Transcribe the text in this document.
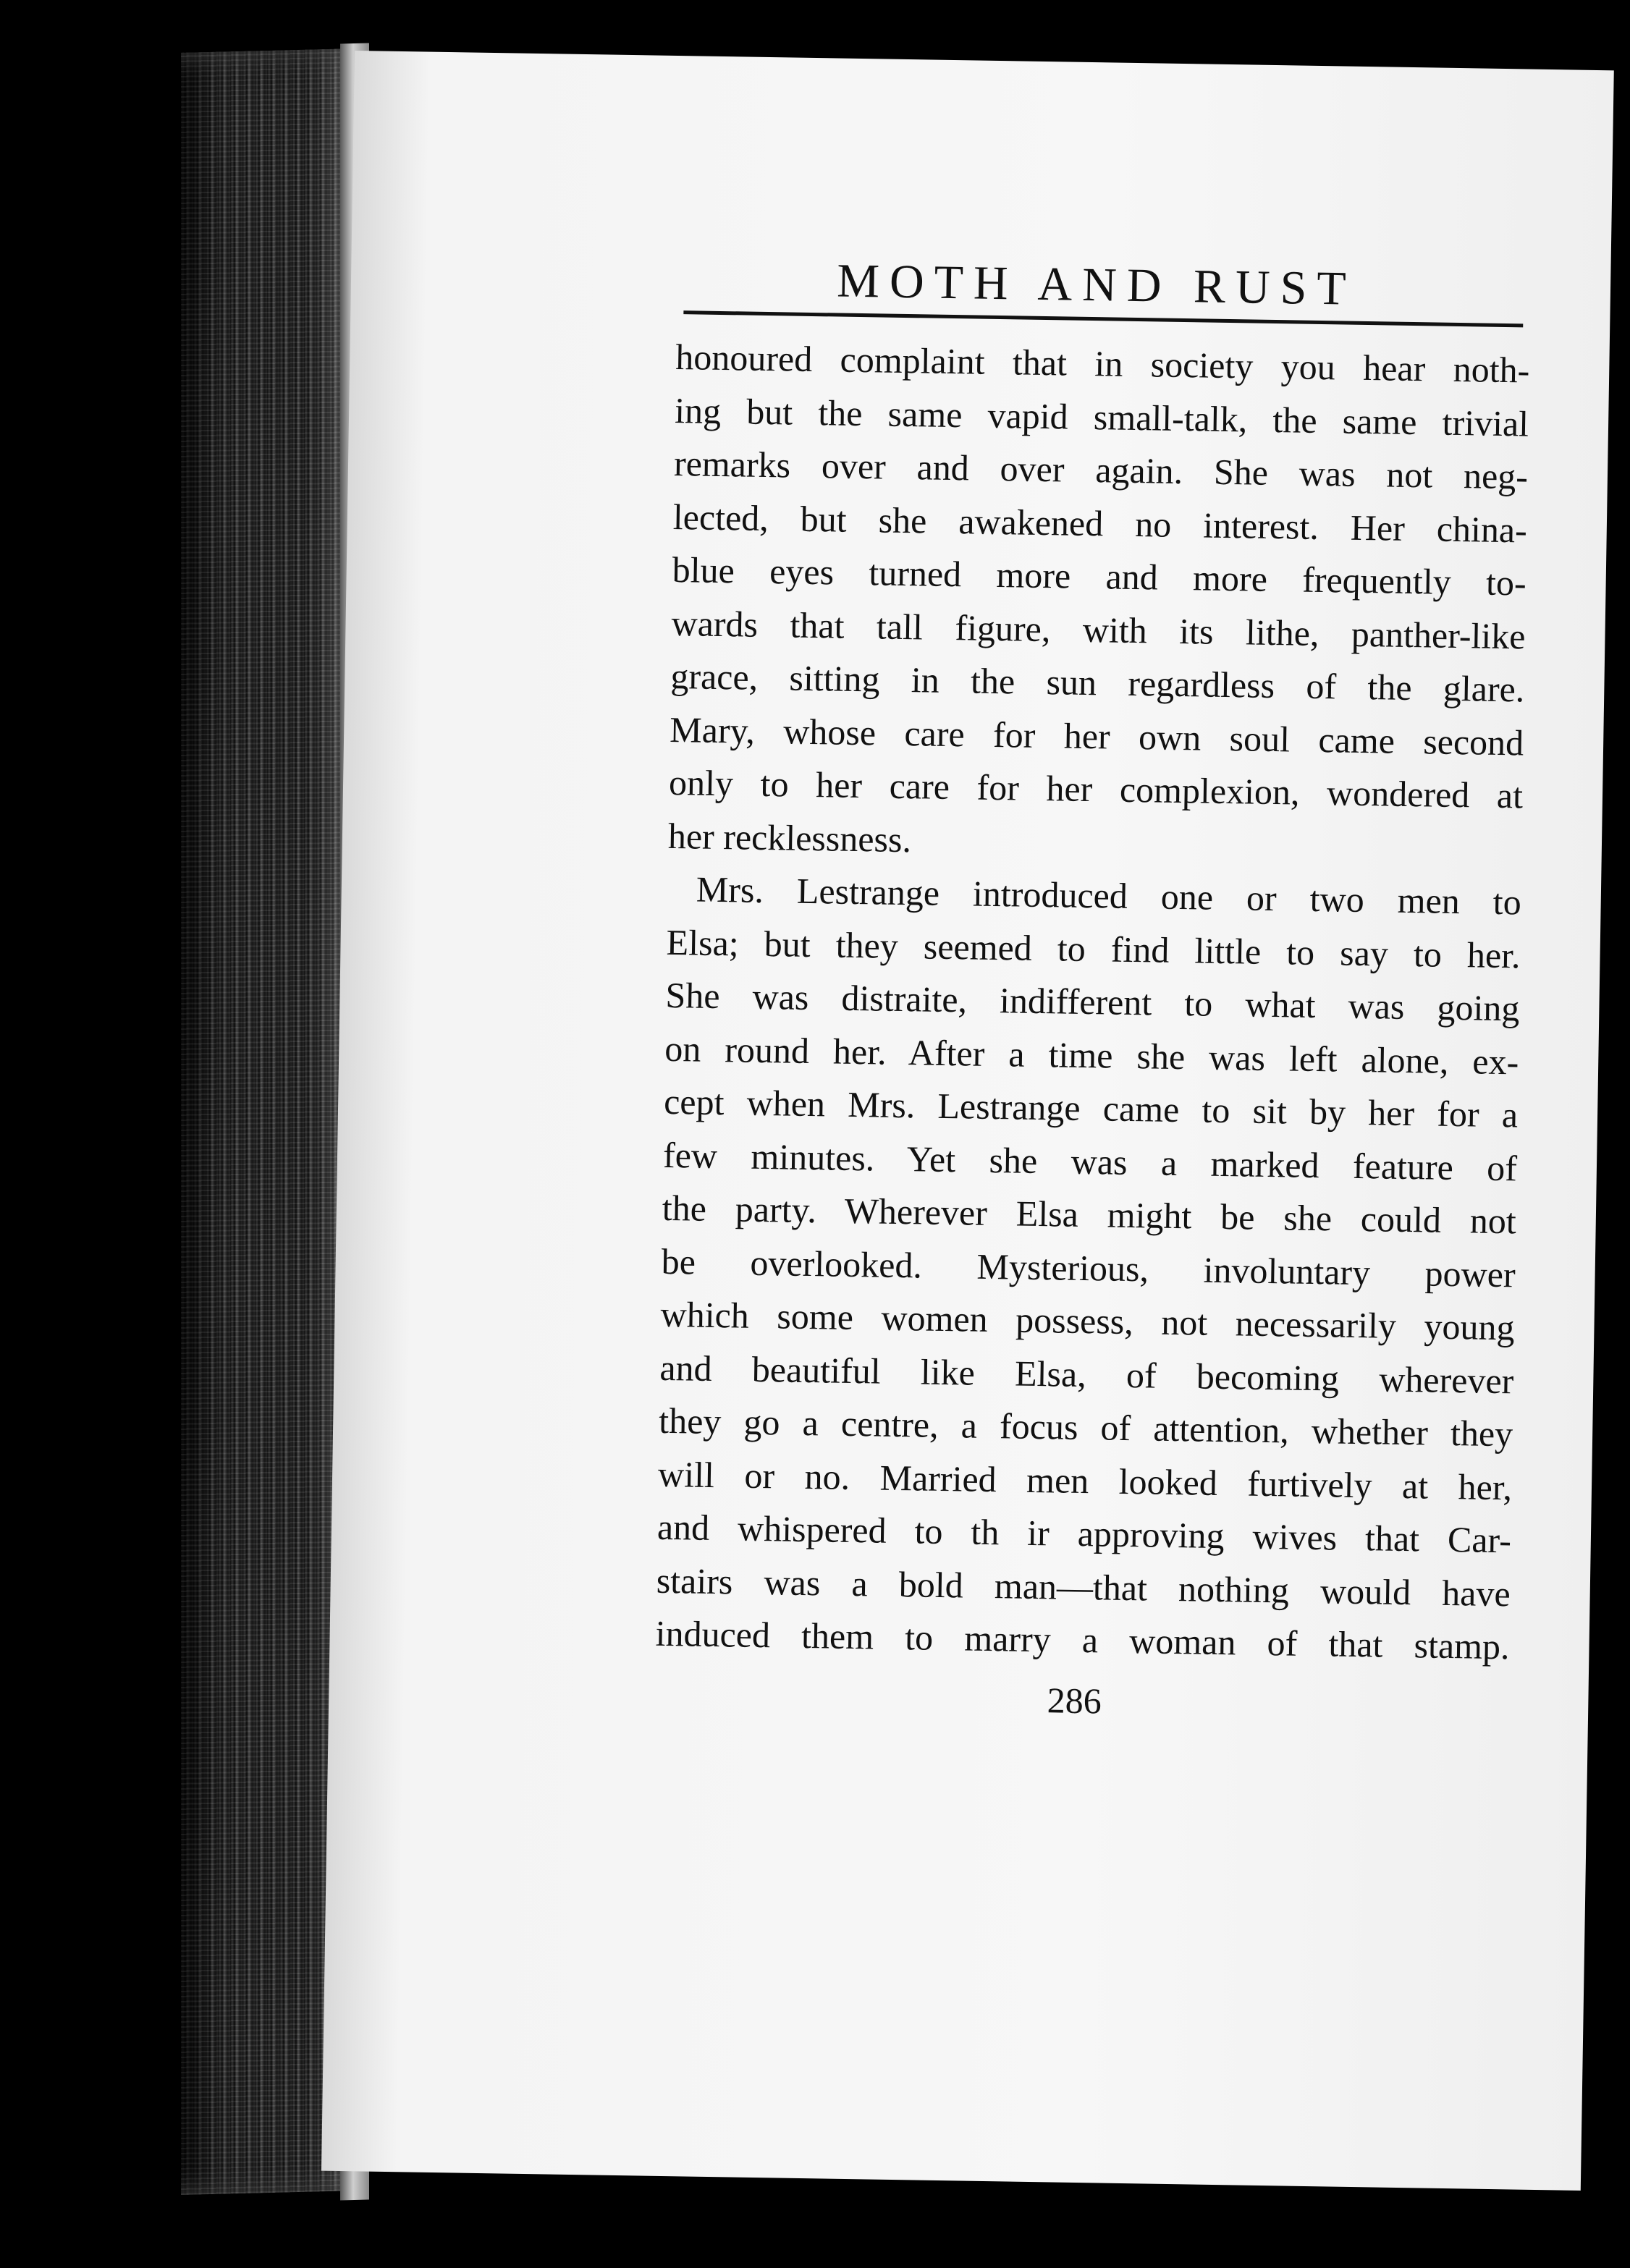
MOTH AND RUST
honoured complaint that in society you hear noth-
ing but the same vapid small-talk, the same trivial
remarks over and over again. She was not neg-
lected, but she awakened no interest. Her china-
blue eyes turned more and more frequently to-
wards that tall figure, with its lithe, panther-like
grace, sitting in the sun regardless of the glare.
Mary, whose care for her own soul came second
only to her care for her complexion, wondered at
her recklessness.
Mrs. Lestrange introduced one or two men to
Elsa; but they seemed to find little to say to her.
She was distraite, indifferent to what was going
on round her. After a time she was left alone, ex-
cept when Mrs. Lestrange came to sit by her for a
few minutes. Yet she was a marked feature of
the party. Wherever Elsa might be she could not
be overlooked. Mysterious, involuntary power
which some women possess, not necessarily young
and beautiful like Elsa, of becoming wherever
they go a centre, a focus of attention, whether they
will or no. Married men looked furtively at her,
and whispered to th ir approving wives that Car-
stairs was a bold man—that nothing would have
induced them to marry a woman of that stamp.
286
